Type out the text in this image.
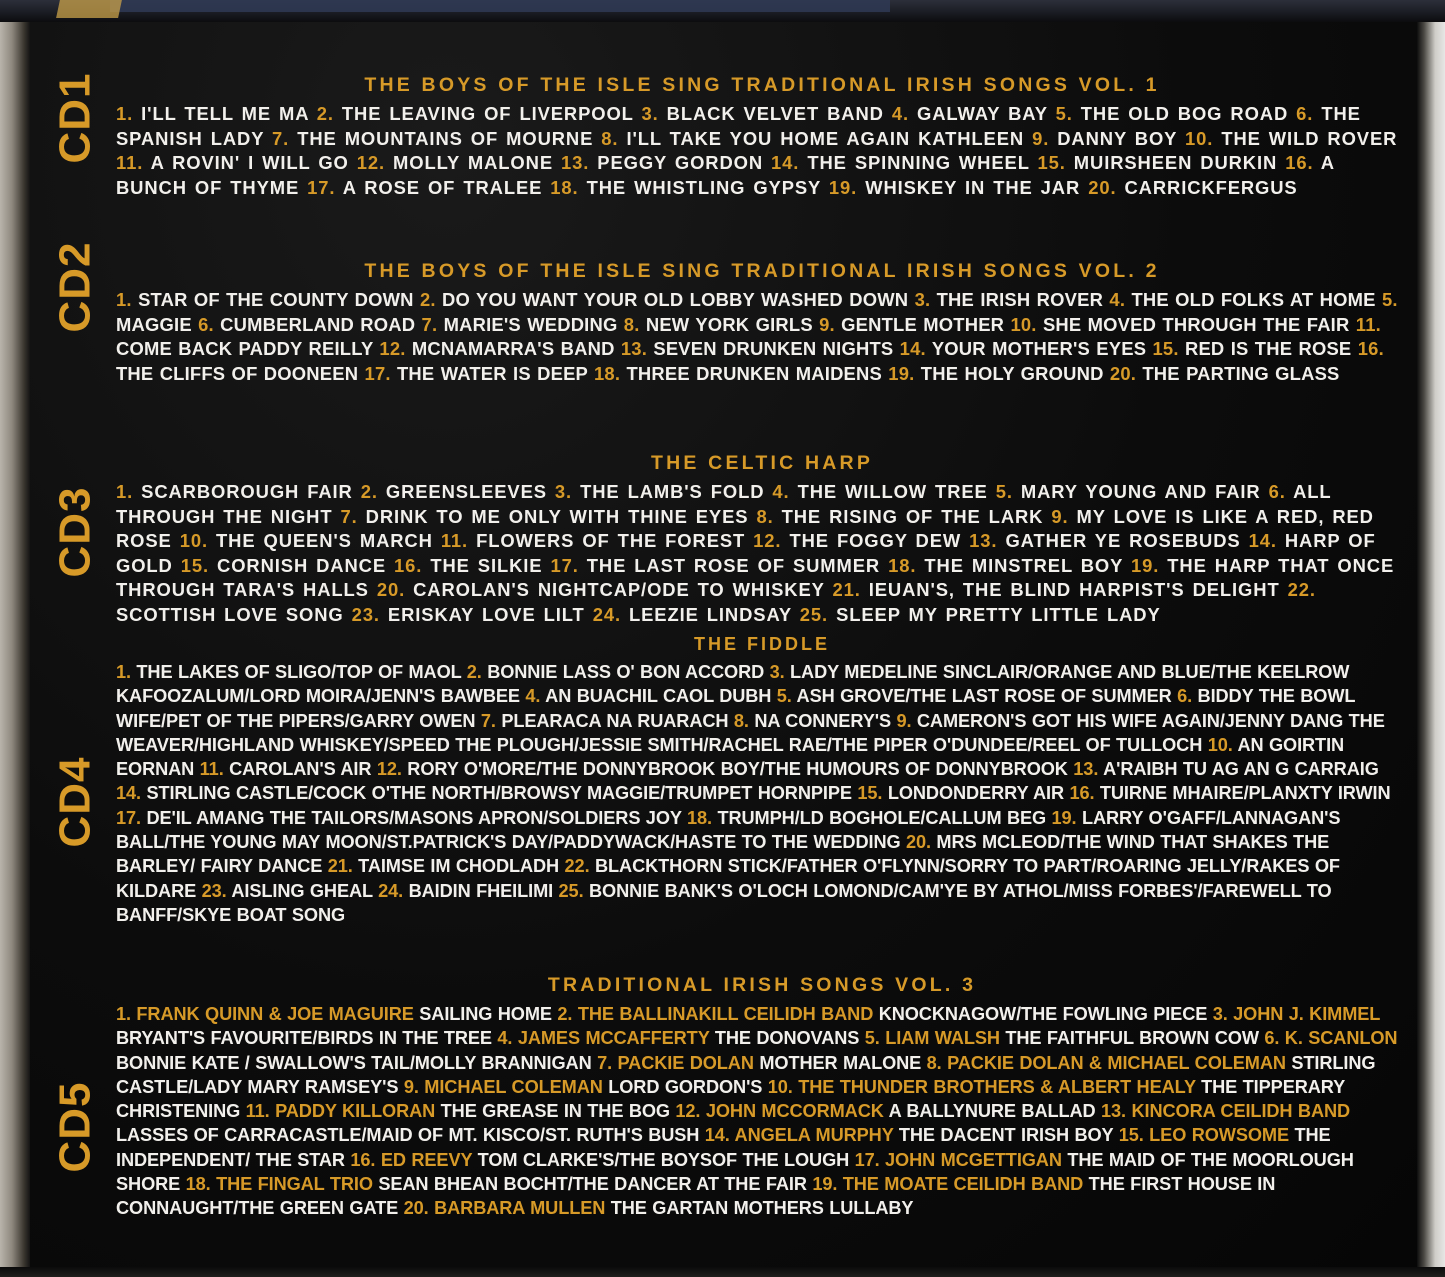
CD1
CD2
CD3
CD4
CD5
THE BOYS OF THE ISLE SING TRADITIONAL IRISH SONGS VOL. 1
1. I'LL TELL ME MA 2. THE LEAVING OF LIVERPOOL 3. BLACK VELVET BAND 4. GALWAY BAY 5. THE OLD BOG ROAD 6. THE SPANISH LADY 7. THE MOUNTAINS OF MOURNE 8. I'LL TAKE YOU HOME AGAIN KATHLEEN 9. DANNY BOY 10. THE WILD ROVER 11. A ROVIN' I WILL GO 12. MOLLY MALONE 13. PEGGY GORDON 14. THE SPINNING WHEEL 15. MUIRSHEEN DURKIN 16. A BUNCH OF THYME 17. A ROSE OF TRALEE 18. THE WHISTLING GYPSY 19. WHISKEY IN THE JAR 20. CARRICKFERGUS
THE BOYS OF THE ISLE SING TRADITIONAL IRISH SONGS VOL. 2
1. STAR OF THE COUNTY DOWN 2. DO YOU WANT YOUR OLD LOBBY WASHED DOWN 3. THE IRISH ROVER 4. THE OLD FOLKS AT HOME 5. MAGGIE 6. CUMBERLAND ROAD 7. MARIE'S WEDDING 8. NEW YORK GIRLS 9. GENTLE MOTHER 10. SHE MOVED THROUGH THE FAIR 11. COME BACK PADDY REILLY 12. MCNAMARRA'S BAND 13. SEVEN DRUNKEN NIGHTS 14. YOUR MOTHER'S EYES 15. RED IS THE ROSE 16. THE CLIFFS OF DOONEEN 17. THE WATER IS DEEP 18. THREE DRUNKEN MAIDENS 19. THE HOLY GROUND 20. THE PARTING GLASS
THE CELTIC HARP
1. SCARBOROUGH FAIR 2. GREENSLEEVES 3. THE LAMB'S FOLD 4. THE WILLOW TREE 5. MARY YOUNG AND FAIR 6. ALL THROUGH THE NIGHT 7. DRINK TO ME ONLY WITH THINE EYES 8. THE RISING OF THE LARK 9. MY LOVE IS LIKE A RED, RED ROSE 10. THE QUEEN'S MARCH 11. FLOWERS OF THE FOREST 12. THE FOGGY DEW 13. GATHER YE ROSEBUDS 14. HARP OF GOLD 15. CORNISH DANCE 16. THE SILKIE 17. THE LAST ROSE OF SUMMER 18. THE MINSTREL BOY 19. THE HARP THAT ONCE THROUGH TARA'S HALLS 20. CAROLAN'S NIGHTCAP/ODE TO WHISKEY 21. IEUAN'S, THE BLIND HARPIST'S DELIGHT 22. SCOTTISH LOVE SONG 23. ERISKAY LOVE LILT 24. LEEZIE LINDSAY 25. SLEEP MY PRETTY LITTLE LADY
THE FIDDLE
1. THE LAKES OF SLIGO/TOP OF MAOL 2. BONNIE LASS O' BON ACCORD 3. LADY MEDELINE SINCLAIR/ORANGE AND BLUE/THE KEELROW KAFOOZALUM/LORD MOIRA/JENN'S BAWBEE 4. AN BUACHIL CAOL DUBH 5. ASH GROVE/THE LAST ROSE OF SUMMER 6. BIDDY THE BOWL WIFE/PET OF THE PIPERS/GARRY OWEN 7. PLEARACA NA RUARACH 8. NA CONNERY'S 9. CAMERON'S GOT HIS WIFE AGAIN/JENNY DANG THE WEAVER/HIGHLAND WHISKEY/SPEED THE PLOUGH/JESSIE SMITH/RACHEL RAE/THE PIPER O'DUNDEE/REEL OF TULLOCH 10. AN GOIRTIN EORNAN 11. CAROLAN'S AIR 12. RORY O'MORE/THE DONNYBROOK BOY/THE HUMOURS OF DONNYBROOK 13. A'RAIBH TU AG AN G CARRAIG 14. STIRLING CASTLE/COCK O'THE NORTH/BROWSY MAGGIE/TRUMPET HORNPIPE 15. LONDONDERRY AIR 16. TUIRNE MHAIRE/PLANXTY IRWIN 17. DE'IL AMANG THE TAILORS/MASONS APRON/SOLDIERS JOY 18. TRUMPH/LD BOGHOLE/CALLUM BEG 19. LARRY O'GAFF/LANNAGAN'S BALL/THE YOUNG MAY MOON/ST.PATRICK'S DAY/PADDYWACK/HASTE TO THE WEDDING 20. MRS MCLEOD/THE WIND THAT SHAKES THE BARLEY/ FAIRY DANCE 21. TAIMSE IM CHODLADH 22. BLACKTHORN STICK/FATHER O'FLYNN/SORRY TO PART/ROARING JELLY/RAKES OF KILDARE 23. AISLING GHEAL 24. BAIDIN FHEILIMI 25. BONNIE BANK'S O'LOCH LOMOND/CAM'YE BY ATHOL/MISS FORBES'/FAREWELL TO BANFF/SKYE BOAT SONG
TRADITIONAL IRISH SONGS VOL. 3
1. FRANK QUINN & JOE MAGUIRE SAILING HOME 2. THE BALLINAKILL CEILIDH BAND KNOCKNAGOW/THE FOWLING PIECE 3. JOHN J. KIMMEL BRYANT'S FAVOURITE/BIRDS IN THE TREE 4. JAMES MCCAFFERTY THE DONOVANS 5. LIAM WALSH THE FAITHFUL BROWN COW 6. K. SCANLON BONNIE KATE / SWALLOW'S TAIL/MOLLY BRANNIGAN 7. PACKIE DOLAN MOTHER MALONE 8. PACKIE DOLAN & MICHAEL COLEMAN STIRLING CASTLE/LADY MARY RAMSEY'S 9. MICHAEL COLEMAN LORD GORDON'S 10. THE THUNDER BROTHERS & ALBERT HEALY THE TIPPERARY CHRISTENING 11. PADDY KILLORAN THE GREASE IN THE BOG 12. JOHN MCCORMACK A BALLYNURE BALLAD 13. KINCORA CEILIDH BAND LASSES OF CARRACASTLE/MAID OF MT. KISCO/ST. RUTH'S BUSH 14. ANGELA MURPHY THE DACENT IRISH BOY 15. LEO ROWSOME THE INDEPENDENT/ THE STAR 16. ED REEVY TOM CLARKE'S/THE BOYSOF THE LOUGH 17. JOHN MCGETTIGAN THE MAID OF THE MOORLOUGH SHORE 18. THE FINGAL TRIO SEAN BHEAN BOCHT/THE DANCER AT THE FAIR 19. THE MOATE CEILIDH BAND THE FIRST HOUSE IN CONNAUGHT/THE GREEN GATE 20. BARBARA MULLEN THE GARTAN MOTHERS LULLABY
